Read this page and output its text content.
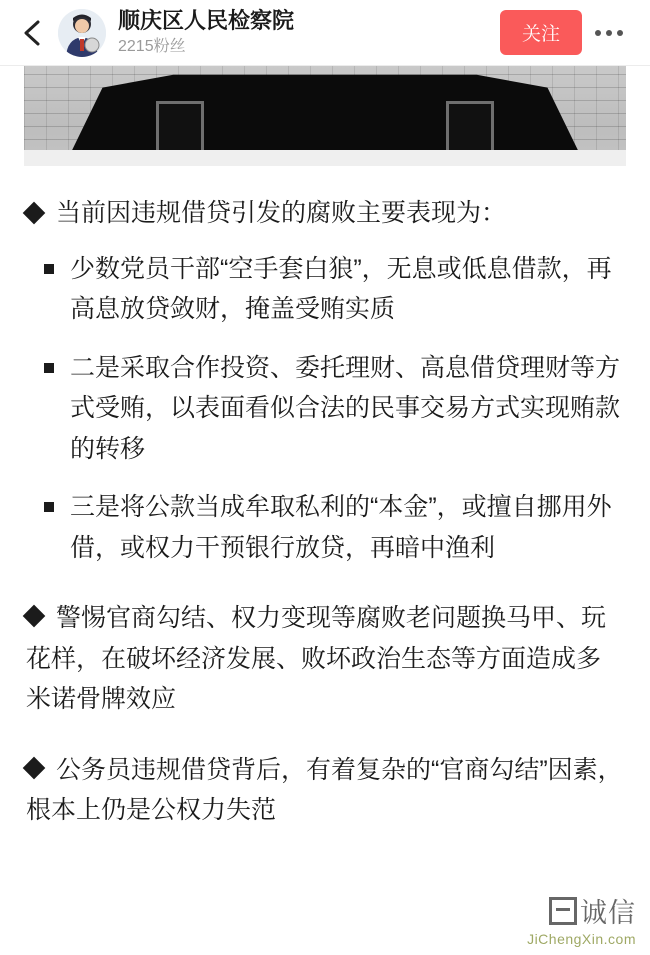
顺庆区人民检察院
2215粉丝
关注
当前因违规借贷引发的腐败主要表现为：
少数党员干部“空手套白狼”，无息或低息借款，再高息放贷敛财，掩盖受贿实质
二是采取合作投资、委托理财、高息借贷理财等方式受贿，以表面看似合法的民事交易方式实现贿款的转移
三是将公款当成牟取私利的“本金”，或擅自挪用外借，或权力干预银行放贷，再暗中渔利
警惕官商勾结、权力变现等腐败老问题换马甲、玩花样，在破坏经济发展、败坏政治生态等方面造成多米诺骨牌效应
公务员违规借贷背后，有着复杂的“官商勾结”因素，根本上仍是公权力失范
诚信
JiChengXin.com
